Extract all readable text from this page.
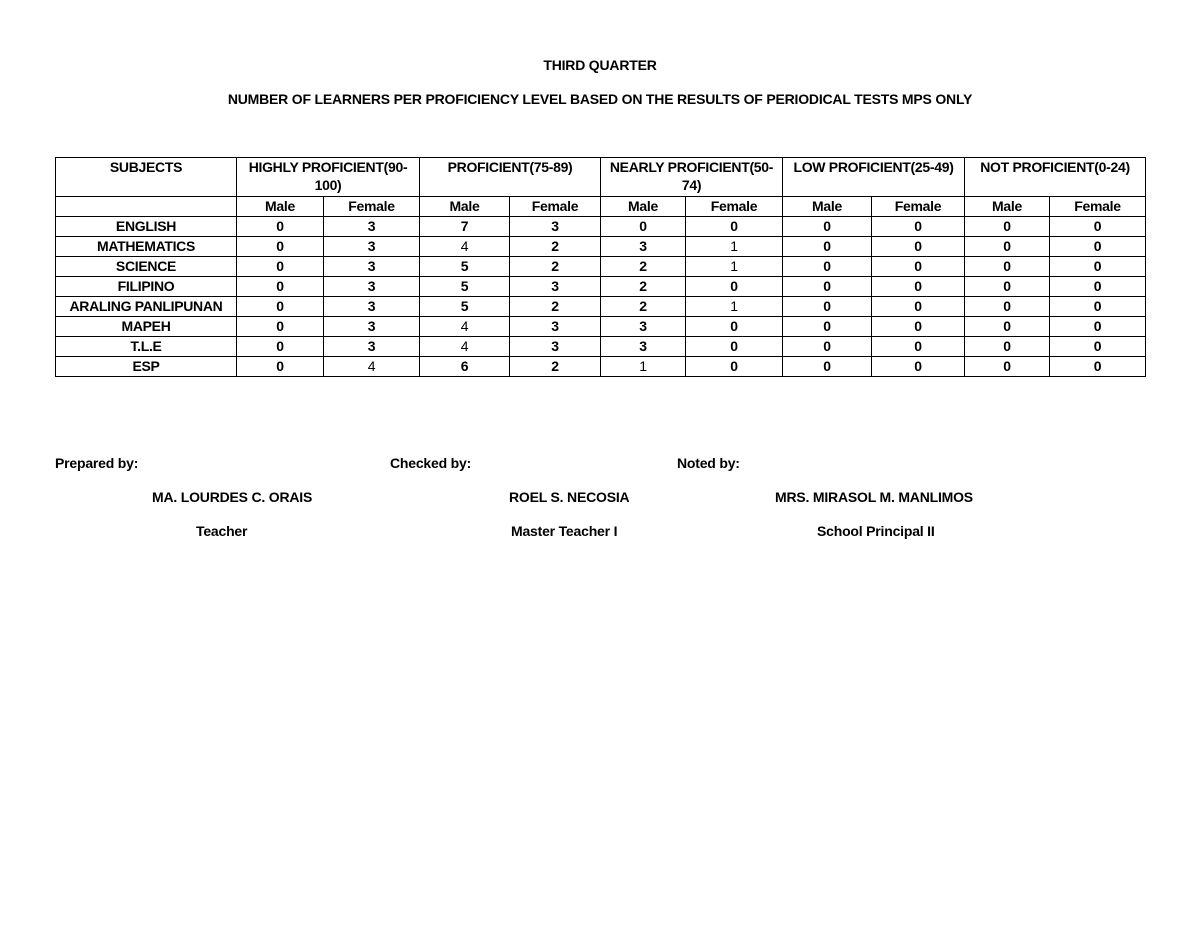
THIRD QUARTER
NUMBER OF LEARNERS PER PROFICIENCY LEVEL BASED ON THE RESULTS OF PERIODICAL TESTS MPS ONLY
SUBJECTS	HIGHLY PROFICIENT(90-100)		PROFICIENT(75-89)		NEARLY PROFICIENT(50-74)		LOW PROFICIENT(25-49)		NOT PROFICIENT(0-24)	
	Male	Female	Male	Female	Male	Female	Male	Female	Male	Female
ENGLISH	0	3	7	3	0	0	0	0	0	0
MATHEMATICS	0	3	4	2	3	1	0	0	0	0
SCIENCE	0	3	5	2	2	1	0	0	0	0
FILIPINO	0	3	5	3	2	0	0	0	0	0
ARALING PANLIPUNAN	0	3	5	2	2	1	0	0	0	0
MAPEH	0	3	4	3	3	0	0	0	0	0
T.L.E	0	3	4	3	3	0	0	0	0	0
ESP	0	4	6	2	1	0	0	0	0	0
Prepared by:	Checked by:	Noted by:
MA. LOURDES C. ORAIS	ROEL S. NECOSIA	MRS. MIRASOL M. MANLIMOS
Teacher	Master Teacher I	School Principal II
